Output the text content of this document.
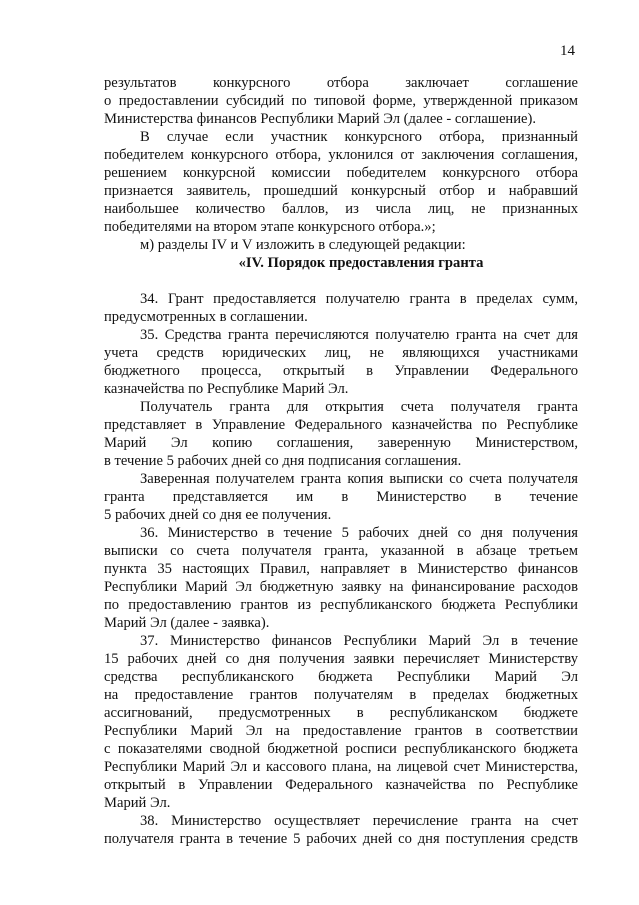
14
результатов конкурсного отбора заключает соглашение
о предоставлении субсидий по типовой форме, утвержденной приказом
Министерства финансов Республики Марий Эл (далее - соглашение).
В случае если участник конкурсного отбора, признанный
победителем конкурсного отбора, уклонился от заключения соглашения,
решением конкурсной комиссии победителем конкурсного отбора
признается заявитель, прошедший конкурсный отбор и набравший
наибольшее количество баллов, из числа лиц, не признанных
победителями на втором этапе конкурсного отбора.»;
м) разделы IV и V изложить в следующей редакции:
«IV. Порядок предоставления гранта
34. Грант предоставляется получателю гранта в пределах сумм,
предусмотренных в соглашении.
35. Средства гранта перечисляются получателю гранта на счет для
учета средств юридических лиц, не являющихся участниками
бюджетного процесса, открытый в Управлении Федерального
казначейства по Республике Марий Эл.
Получатель гранта для открытия счета получателя гранта
представляет в Управление Федерального казначейства по Республике
Марий Эл копию соглашения, заверенную Министерством,
в течение 5 рабочих дней со дня подписания соглашения.
Заверенная получателем гранта копия выписки со счета получателя
гранта представляется им в Министерство в течение
5 рабочих дней со дня ее получения.
36. Министерство в течение 5 рабочих дней со дня получения
выписки со счета получателя гранта, указанной в абзаце третьем
пункта 35 настоящих Правил, направляет в Министерство финансов
Республики Марий Эл бюджетную заявку на финансирование расходов
по предоставлению грантов из республиканского бюджета Республики
Марий Эл (далее - заявка).
37. Министерство финансов Республики Марий Эл в течение
15 рабочих дней со дня получения заявки перечисляет Министерству
средства республиканского бюджета Республики Марий Эл
на предоставление грантов получателям в пределах бюджетных
ассигнований, предусмотренных в республиканском бюджете
Республики Марий Эл на предоставление грантов в соответствии
с показателями сводной бюджетной росписи республиканского бюджета
Республики Марий Эл и кассового плана, на лицевой счет Министерства,
открытый в Управлении Федерального казначейства по Республике
Марий Эл.
38. Министерство осуществляет перечисление гранта на счет
получателя гранта в течение 5 рабочих дней со дня поступления средств
